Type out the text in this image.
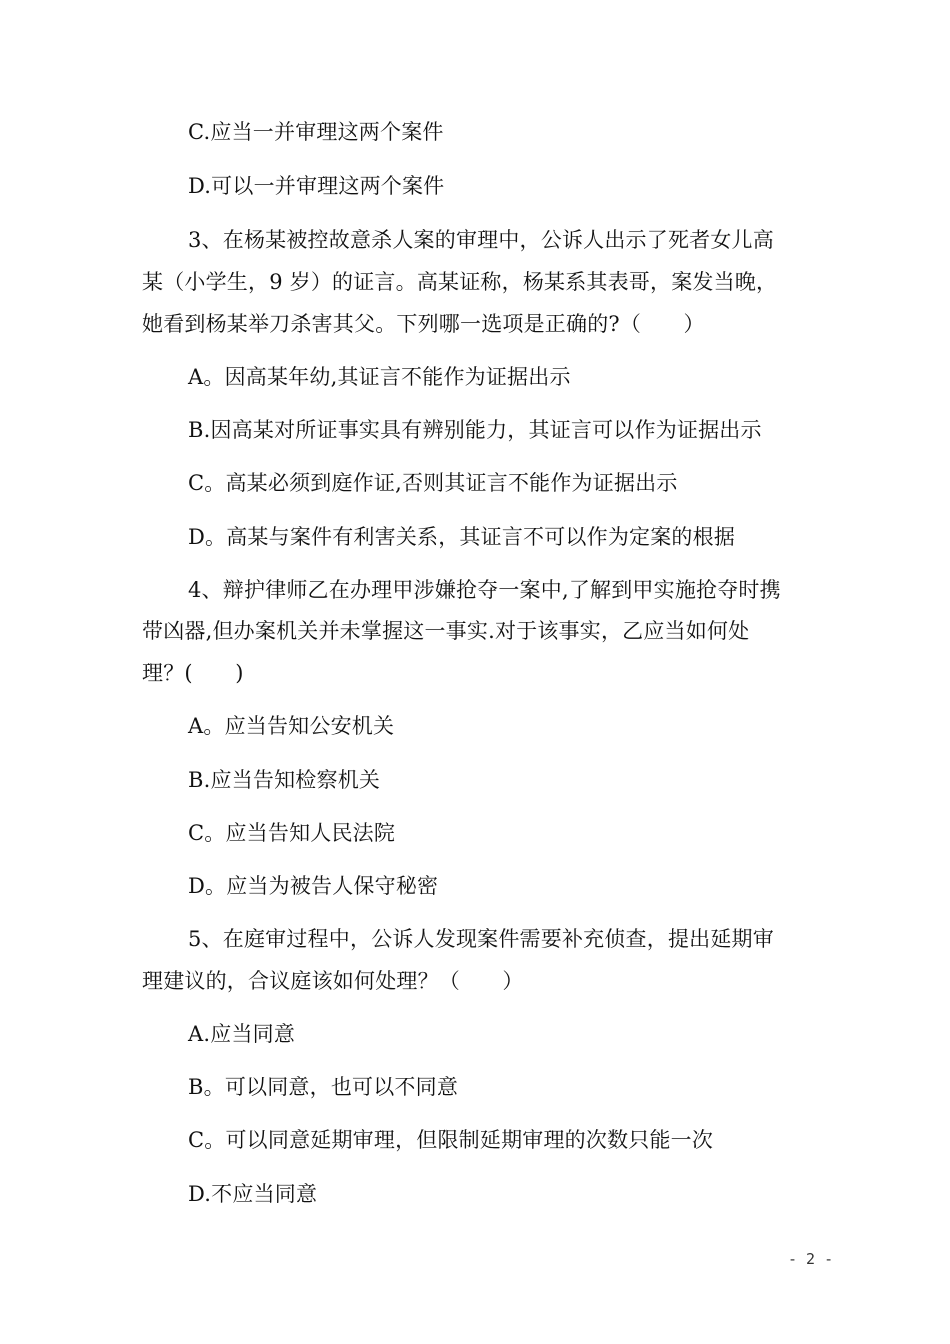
C.应当一并审理这两个案件
D.可以一并审理这两个案件
3、在杨某被控故意杀人案的审理中，公诉人出示了死者女儿高
某（小学生，9 岁）的证言。高某证称，杨某系其表哥，案发当晚，
她看到杨某举刀杀害其父。下列哪一选项是正确的?（　　）
A。因高某年幼,其证言不能作为证据出示
B.因高某对所证事实具有辨别能力，其证言可以作为证据出示
C。高某必须到庭作证,否则其证言不能作为证据出示
D。高某与案件有利害关系，其证言不可以作为定案的根据
4、辩护律师乙在办理甲涉嫌抢夺一案中,了解到甲实施抢夺时携
带凶器,但办案机关并未掌握这一事实.对于该事实，乙应当如何处
理？(　　)
A。应当告知公安机关
B.应当告知检察机关
C。应当告知人民法院
D。应当为被告人保守秘密
5、在庭审过程中，公诉人发现案件需要补充侦查，提出延期审
理建议的，合议庭该如何处理？（　　）
A.应当同意
B。可以同意，也可以不同意
C。可以同意延期审理，但限制延期审理的次数只能一次
D.不应当同意
- 2 -
